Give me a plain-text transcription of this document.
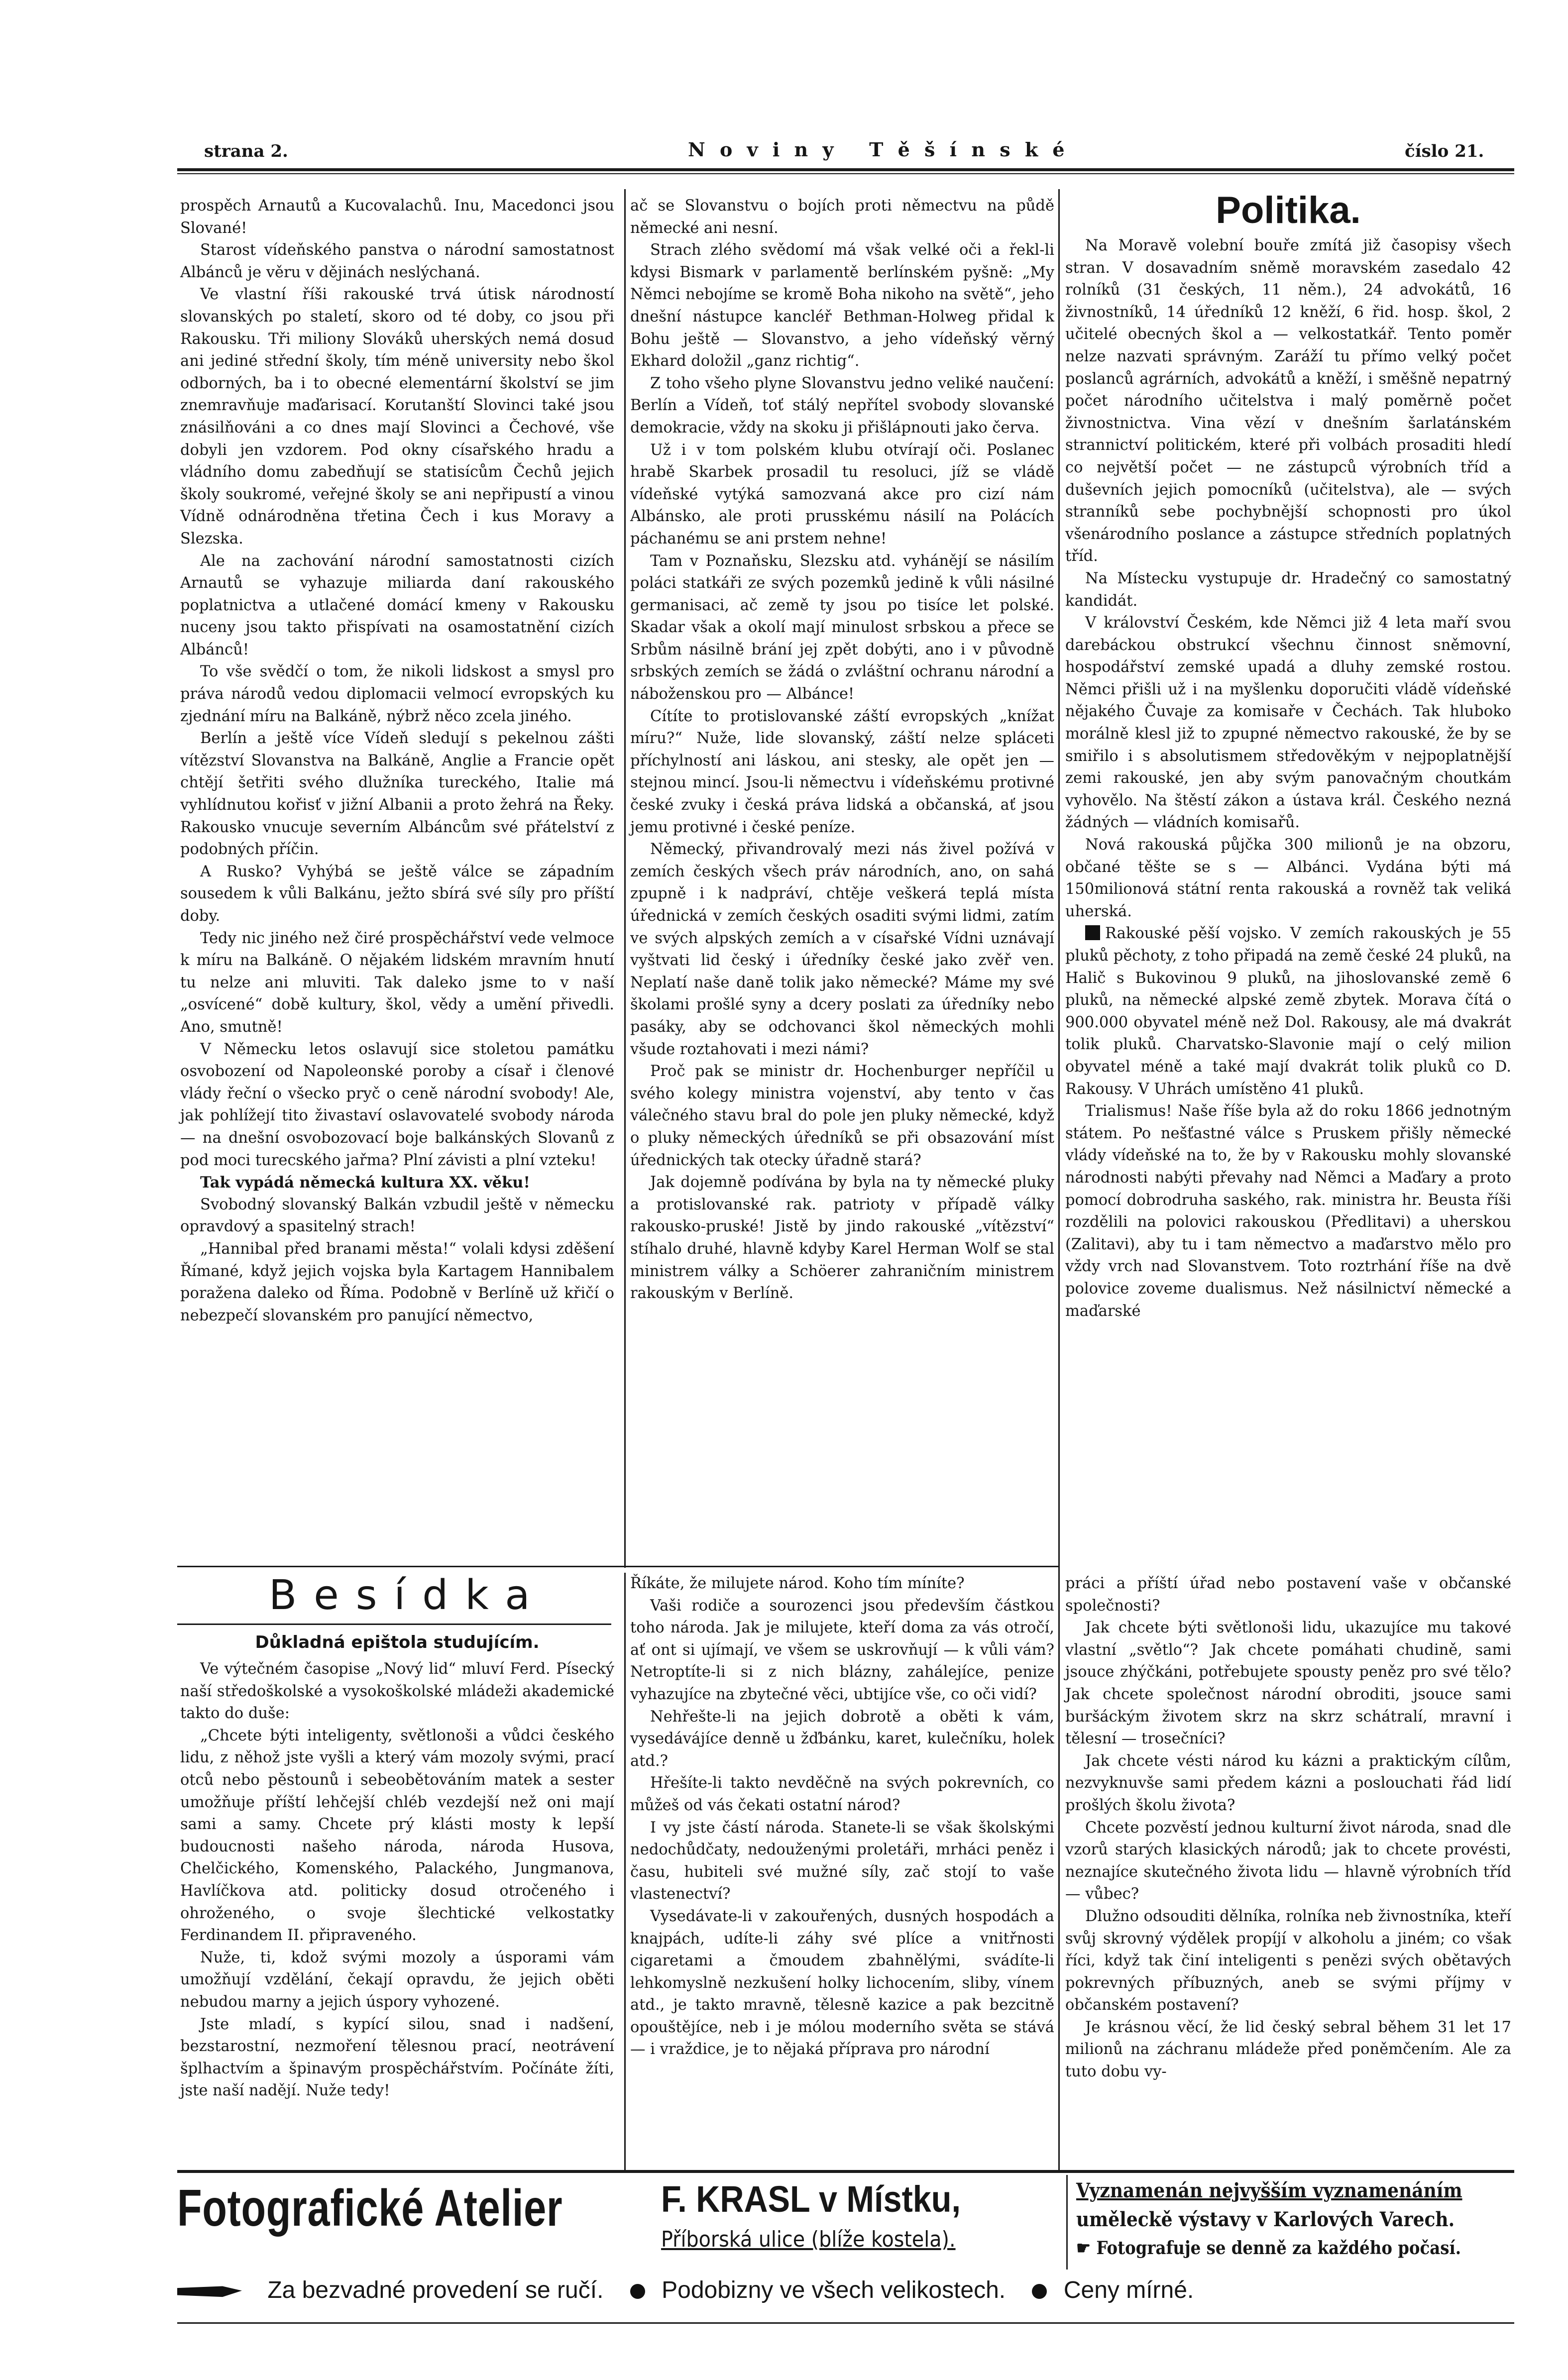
strana 2.	N o v i n y   T ě š í n s k é	číslo 21.

prospěch Arnautů a Kucovalachů. Inu, Macedonci jsou Slované!

Starost vídeňského panstva o národní samostatnost Albánců je věru v dějinách neslýchaná.

Ve vlastní říši rakouské trvá útisk národností slovanských po staletí, skoro od té doby, co jsou při Rakousku. Tři miliony Slováků uherských nemá dosud ani jediné střední školy, tím méně university nebo škol odborných, ba i to obecné elementární školství se jim znemravňuje maďarisací. Korutanští Slovinci také jsou znásilňováni a co dnes mají Slovinci a Čechové, vše dobyli jen vzdorem. Pod okny císařského hradu a vládního domu zabedňují se statisícům Čechů jejich školy soukromé, veřejné školy se ani nepřipustí a vinou Vídně odnárodněna třetina Čech i kus Moravy a Slezska.

Ale na zachování národní samostatnosti cizích Arnautů se vyhazuje miliarda daní rakouského poplatnictva a utlačené domácí kmeny v Rakousku nuceny jsou takto přispívati na osamostatnění cizích Albánců!

To vše svědčí o tom, že nikoli lidskost a smysl pro práva národů vedou diplomacii velmocí evropských ku zjednání míru na Balkáně, nýbrž něco zcela jiného.

Berlín a ještě více Vídeň sledují s pekelnou zášti vítězství Slovanstva na Balkáně, Anglie a Francie opět chtějí šetřiti svého dlužníka tureckého, Italie má vyhlídnutou kořisť v jižní Albanii a proto žehrá na Řeky. Rakousko vnucuje severním Albáncům své přátelství z podobných příčin.

A Rusko? Vyhýbá se ještě válce se západním sousedem k vůli Balkánu, ježto sbírá své síly pro příští doby.

Tedy nic jiného než čiré prospěchářství vede velmoce k míru na Balkáně. O nějakém lidském mravním hnutí tu nelze ani mluviti. Tak daleko jsme to v naší „osvícené“ době kultury, škol, vědy a umění přivedli. Ano, smutně!

V Německu letos oslavují sice stoletou památku osvobození od Napoleonské poroby a císař i členové vlády řeční o všecko pryč o ceně národní svobody! Ale, jak pohlížejí tito živastaví oslavovatelé svobody národa — na dnešní osvobozovací boje balkánských Slovanů z pod moci turecského jařma? Plní závisti a plní vzteku!

Tak vypádá německá kultura XX. věku!

Svobodný slovanský Balkán vzbudil ještě v německu opravdový a spasitelný strach!

„Hannibal před branami města!“ volali kdysi zděšení Římané, když jejich vojska byla Kartagem Hannibalem poražena daleko od Říma. Podobně v Berlíně už křičí o nebezpečí slovanském pro panující němectvo,

ač se Slovanstvu o bojích proti němectvu na půdě německé ani nesní.

Strach zlého svědomí má však velké oči a řekl-li kdysi Bismark v parlamentě berlínském pyšně: „My Němci nebojíme se kromě Boha nikoho na světě“, jeho dnešní nástupce kancléř Bethman-Holweg přidal k Bohu ještě — Slovanstvo, a jeho vídeňský věrný Ekhard doložil „ganz richtig“.

Z toho všeho plyne Slovanstvu jedno veliké naučení: Berlín a Vídeň, toť stálý nepřítel svobody slovanské demokracie, vždy na skoku ji přišlápnouti jako červa.

Už i v tom polském klubu otvírají oči. Poslanec hrabě Skarbek prosadil tu resoluci, jíž se vládě vídeňské vytýká samozvaná akce pro cizí nám Albánsko, ale proti prusskému násilí na Polácích páchanému se ani prstem nehne!

Tam v Poznaňsku, Slezsku atd. vyhánějí se násilím poláci statkáři ze svých pozemků jedině k vůli násilné germanisaci, ač země ty jsou po tisíce let polské. Skadar však a okolí mají minulost srbskou a přece se Srbům násilně brání jej zpět dobýti, ano i v původně srbských zemích se žádá o zvláštní ochranu národní a náboženskou pro — Albánce!

Cítíte to protislovanské záští evropských „knížat míru?“ Nuže, lide slovanský, záští nelze spláceti příchylností ani láskou, ani stesky, ale opět jen — stejnou mincí. Jsou-li němectvu i vídeňskému protivné české zvuky i česká práva lidská a občanská, ať jsou jemu protivné i české peníze.

Německý, přivandrovalý mezi nás živel požívá v zemích českých všech práv národních, ano, on sahá zpupně i k nadpráví, chtěje veškerá teplá místa úřednická v zemích českých osaditi svými lidmi, zatím ve svých alpských zemích a v císařské Vídni uznávají vyštvati lid český i úředníky české jako zvěř ven. Neplatí naše daně tolik jako německé? Máme my své školami prošlé syny a dcery poslati za úředníky nebo pasáky, aby se odchovanci škol německých mohli všude roztahovati i mezi námi?

Proč pak se ministr dr. Hochenburger nepříčil u svého kolegy ministra vojenství, aby tento v čas válečného stavu bral do pole jen pluky německé, když o pluky německých úředníků se při obsazování míst úřednických tak otecky úřadně stará?

Jak dojemně podívána by byla na ty německé pluky a protislovanské rak. patrioty v případě války rakousko-pruské! Jistě by jindo rakouské „vítězství“ stíhalo druhé, hlavně kdyby Karel Herman Wolf se stal ministrem války a Schöerer zahraničním ministrem rakouským v Berlíně.

Politika.

Na Moravě volební bouře zmítá již časopisy všech stran. V dosavadním sněmě moravském zasedalo 42 rolníků (31 českých, 11 něm.), 24 advokátů, 16 živnostníků, 14 úředníků 12 kněží, 6 řid. hosp. škol, 2 učitelé obecných škol a — velkostatkář. Tento poměr nelze nazvati správným. Zaráží tu přímo velký počet poslanců agrárních, advokátů a kněží, i směšně nepatrný počet národního učitelstva i malý poměrně počet živnostnictva. Vina vězí v dnešním šarlatánském strannictví politickém, které při volbách prosaditi hledí co největší počet — ne zástupců výrobních tříd a duševních jejich pomocníků (učitelstva), ale — svých stranníků sebe pochybnější schopnosti pro úkol všenárodního poslance a zástupce středních poplatných tříd.

Na Místecku vystupuje dr. Hradečný co samostatný kandidát.

V království Českém, kde Němci již 4 leta maří svou darebáckou obstrukcí všechnu činnost sněmovní, hospodářství zemské upadá a dluhy zemské rostou. Němci přišli už i na myšlenku doporučiti vládě vídeňské nějakého Čuvaje za komisaře v Čechách. Tak hluboko morálně klesl již to zpupné němectvo rakouské, že by se smiřilo i s absolutismem středověkým v nejpoplatnější zemi rakouské, jen aby svým panovačným choutkám vyhovělo. Na štěstí zákon a ústava král. Českého nezná žádných — vládních komisařů.

Nová rakouská půjčka 300 milionů je na obzoru, občané těšte se s — Albánci. Vydána býti má 150milionová státní renta rakouská a rovněž tak veliká uherská.

Rakouské pěší vojsko. V zemích rakouských je 55 pluků pěchoty, z toho připadá na země české 24 pluků, na Halič s Bukovinou 9 pluků, na jihoslovanské země 6 pluků, na německé alpské země zbytek. Morava čítá o 900.000 obyvatel méně než Dol. Rakousy, ale má dvakrát tolik pluků. Charvatsko-Slavonie mají o celý milion obyvatel méně a také mají dvakrát tolik pluků co D. Rakousy. V Uhrách umístěno 41 pluků.

Trialismus! Naše říše byla až do roku 1866 jednotným státem. Po nešťastné válce s Pruskem přišly německé vlády vídeňské na to, že by v Rakousku mohly slovanské národnosti nabýti převahy nad Němci a Maďary a proto pomocí dobrodruha saského, rak. ministra hr. Beusta říši rozdělili na polovici rakouskou (Předlitavi) a uherskou (Zalitavi), aby tu i tam němectvo a maďarstvo mělo pro vždy vrch nad Slovanstvem. Toto roztrhání říše na dvě polovice zoveme dualismus. Než násilnictví německé a maďarské

Besídka
Důkladná epištola studujícím.

Ve výtečném časopise „Nový lid“ mluví Ferd. Písecký naší středoškolské a vysokoškolské mládeži akademické takto do duše:

„Chcete býti inteligenty, světlonoši a vůdci českého lidu, z něhož jste vyšli a který vám mozoly svými, prací otců nebo pěstounů i sebeobětováním matek a sester umožňuje příští lehčejší chléb vezdejší než oni mají sami a samy. Chcete prý klásti mosty k lepší budoucnosti našeho národa, národa Husova, Chelčického, Komenského, Palackého, Jungmanova, Havlíčkova atd. politicky dosud otročeného i ohroženého, o svoje šlechtické velkostatky Ferdinandem II. připraveného.

Nuže, ti, kdož svými mozoly a úsporami vám umožňují vzdělání, čekají opravdu, že jejich oběti nebudou marny a jejich úspory vyhozené.

Jste mladí, s kypící silou, snad i nadšení, bezstarostní, nezmoření tělesnou prací, neotrávení šplhactvím a špinavým prospěchářstvím. Počínáte žíti, jste naší nadějí. Nuže tedy!

Říkáte, že milujete národ. Koho tím míníte?

Vaši rodiče a sourozenci jsou především částkou toho národa. Jak je milujete, kteří doma za vás otročí, ať ont si ujímají, ve všem se uskrovňují — k vůli vám? Netroptíte-li si z nich blázny, zahálejíce, penize vyhazujíce na zbytečné věci, ubtijíce vše, co oči vidí?

Nehřešte-li na jejich dobrotě a oběti k vám, vysedávájíce denně u žďbánku, karet, kulečníku, holek atd.?

Hřešíte-li takto nevděčně na svých pokrevních, co můžeš od vás čekati ostatní národ?

I vy jste částí národa. Stanete-li se však školskými nedochůdčaty, nedouženými proletáři, mrháci peněz i času, hubiteli své mužné síly, zač stojí to vaše vlastenectví?

Vysedávate-li v zakouřených, dusných hospodách a knajpách, udíte-li záhy své plíce a vnitřnosti cigaretami a čmoudem zbahnělými, svádíte-li lehkomyslně nezkušení holky lichocením, sliby, vínem atd., je takto mravně, tělesně kazice a pak bezcitně opouštějíce, neb i je mólou moderního světa se stává — i vraždice, je to nějaká příprava pro národní

práci a příští úřad nebo postavení vaše v občanské společnosti?

Jak chcete býti světlonoši lidu, ukazujíce mu takové vlastní „světlo“? Jak chcete pomáhati chudině, sami jsouce zhýčkáni, potřebujete spousty peněz pro své tělo? Jak chcete společnost národní obroditi, jsouce sami buršáckým životem skrz na skrz schátralí, mravní i tělesní — trosečníci?

Jak chcete vésti národ ku kázni a praktickým cílům, nezvyknuvše sami předem kázni a poslouchati řád lidí prošlých školu života?

Chcete pozvěstí jednou kulturní život národa, snad dle vzorů starých klasických národů; jak to chcete provésti, neznajíce skutečného života lidu — hlavně výrobních tříd — vůbec?

Dlužno odsouditi dělníka, rolníka neb živnostníka, kteří svůj skrovný výdělek propíjí v alkoholu a jiném; co však říci, když tak činí inteligenti s penězi svých obětavých pokrevných příbuzných, aneb se svými příjmy v občanském postavení?

Je krásnou věcí, že lid český sebral během 31 let 17 milionů na záchranu mládeže před poněmčením. Ale za tuto dobu vy-

Fotografické Atelier	F. KRASL v Místku,
Příborská ulice (blíže kostela).
Vyznamenán nejvyšším vyznamenáním
uměleckě výstavy v Karlových Varech.
☛ Fotografuje se denně za každého počasí.
Za bezvadné provedení se ručí. Podobizny ve všech velikostech. Ceny mírné.
